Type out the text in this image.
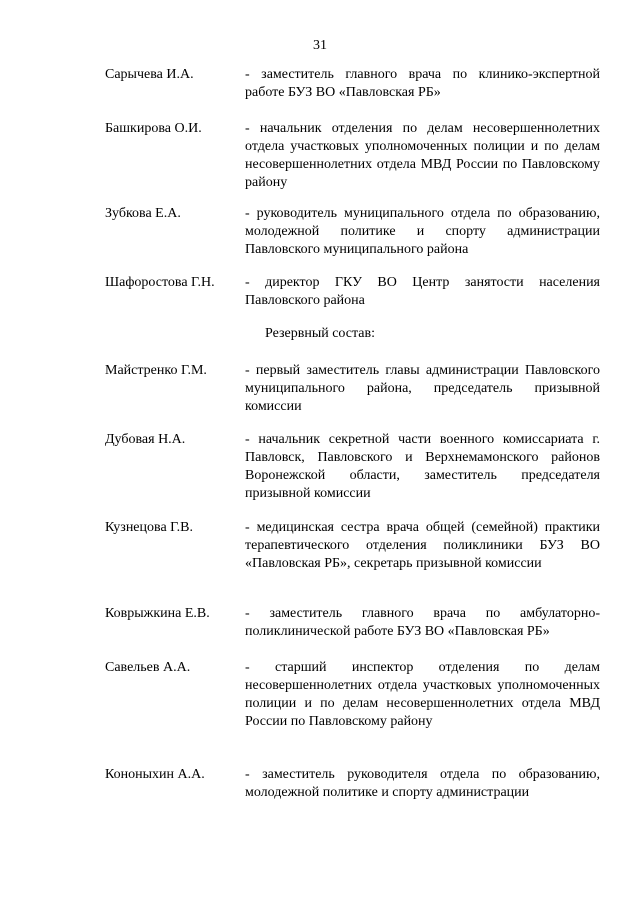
31
Сарычева И.А.	- заместитель главного врача по клинико-экспертной работе БУЗ ВО «Павловская РБ»
Башкирова О.И.	- начальник отделения по делам несовершеннолетних отдела участковых уполномоченных полиции и по делам несовершеннолетних отдела МВД России по Павловскому району
Зубкова Е.А.	- руководитель муниципального отдела по образованию, молодежной политике и спорту администрации Павловского муниципального района
Шафоростова Г.Н. - директор ГКУ ВО Центр занятости населения Павловского района
Резервный состав:
Майстренко Г.М.	- первый заместитель главы администрации Павловского муниципального района, председатель призывной комиссии
Дубовая Н.А.	- начальник секретной части военного комиссариата г. Павловск, Павловского и Верхнемамонского районов Воронежской области, заместитель председателя призывной комиссии
Кузнецова Г.В.	- медицинская сестра врача общей (семейной) практики терапевтического отделения поликлиники БУЗ ВО «Павловская РБ», секретарь призывной комиссии
Коврыжкина Е.В.	- заместитель главного врача по амбулаторно-поликлинической работе БУЗ ВО «Павловская РБ»
Савельев А.А.	- старший инспектор отделения по делам несовершеннолетних отдела участковых уполномоченных полиции и по делам несовершеннолетних отдела МВД России по Павловскому району
Кононыхин А.А.	- заместитель руководителя отдела по образованию, молодежной политике и спорту администрации
